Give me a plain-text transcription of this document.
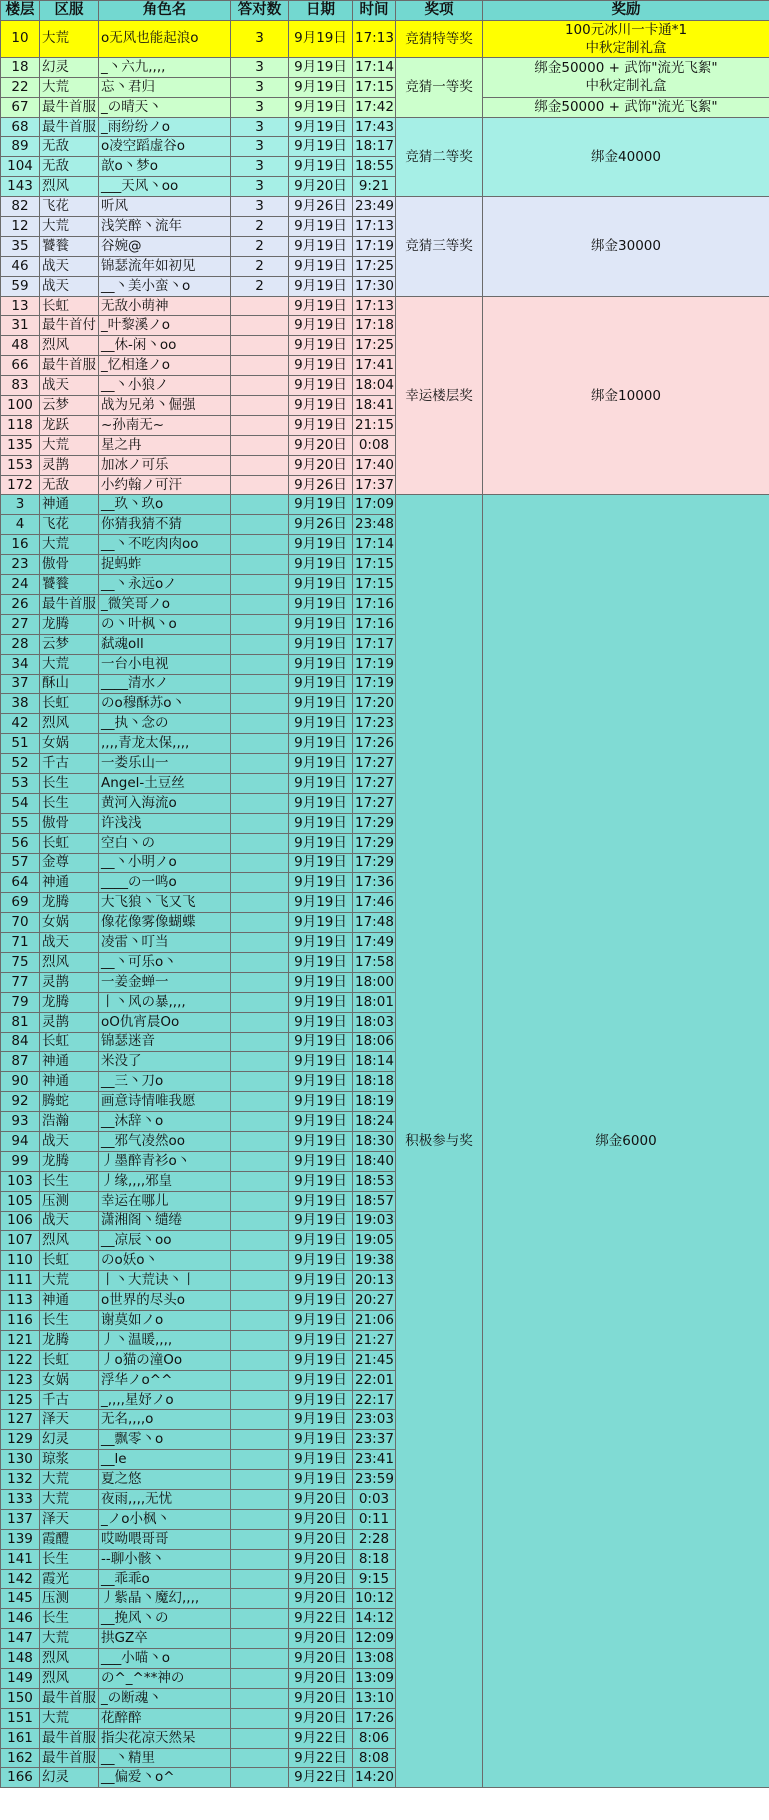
楼层	区服	角色名	答对数	日期	时间	奖项	奖励
10	大荒	o无风也能起浪o	3	9月19日	17:13	竞猜特等奖	100元冰川一卡通*1
中秋定制礼盒

18	幻灵	_丶六九,,,,	3	9月19日	17:14	竞猜一等奖	绑金50000 + 武饰"流光飞絮"
中秋定制礼盒

22	大荒	忘丶君归	3	9月19日	17:15		
67	最牛首服	_の晴天丶	3	9月19日	17:42		绑金50000 + 武饰"流光飞絮"
68	最牛首服	_雨纷纷ノo	3	9月19日	17:43	竞猜二等奖	绑金40000

89	无敌	o凌空蹈虚谷o	3	9月19日	18:17		
104	无敌	歆o丶梦o	3	9月19日	18:55		
143	烈风	___天风丶oo	3	9月20日	9:21		
82	飞花	听风	3	9月26日	23:49	竞猜三等奖	绑金30000

12	大荒	浅笑醉丶流年	2	9月19日	17:13		
35	饕餮	谷婉@	2	9月19日	17:19		
46	战天	锦瑟流年如初见	2	9月19日	17:25		
59	战天	__丶美小蛮丶o	2	9月19日	17:30		
13	长虹	无敌小萌神		9月19日	17:13	幸运楼层奖	绑金10000

31	最牛首付	_叶黎溪ノo		9月19日	17:18		
48	烈风	__休-闲丶oo		9月19日	17:25		
66	最牛首服	_忆相逢ノo		9月19日	17:41		
83	战天	__丶小狼ノ		9月19日	18:04		
100	云梦	战为兄弟丶倔强		9月19日	18:41		
118	龙跃	~孙南无~		9月19日	21:15		
135	大荒	星之冉		9月20日	0:08		
153	灵鹊	加冰ノ可乐		9月20日	17:40		
172	无敌	小约翰ノ可汗		9月26日	17:37		
3	神通	__玖丶玖o		9月19日	17:09	积极参与奖	绑金6000

4	飞花	你猜我猜不猜		9月26日	23:48		
16	大荒	__丶不吃肉肉oo		9月19日	17:14		
23	傲骨	捉蚂蚱		9月19日	17:15		
24	饕餮	__丶永远oノ		9月19日	17:15		
26	最牛首服	_微笑哥ノo		9月19日	17:16		
27	龙腾	の丶叶枫丶o		9月19日	17:16		
28	云梦	弑魂oll		9月19日	17:17		
34	大荒	一台小电视		9月19日	17:19		
37	酥山	____清水ノ		9月19日	17:19		
38	长虹	のo穆酥苏o丶		9月19日	17:20		
42	烈风	__执丶念の		9月19日	17:23		
51	女娲	,,,,青龙太保,,,,		9月19日	17:26		
52	千古	一娄乐山一		9月19日	17:27		
53	长生	Angel-土豆丝		9月19日	17:27		
54	长生	黄河入海流o		9月19日	17:27		
55	傲骨	许浅浅		9月19日	17:29		
56	长虹	空白丶の		9月19日	17:29		
57	金尊	__丶小明ノo		9月19日	17:29		
64	神通	____の一鸣o		9月19日	17:36		
69	龙腾	大飞狼丶飞又飞		9月19日	17:46		
70	女娲	像花像雾像蝴蝶		9月19日	17:48		
71	战天	凌雷丶叮当		9月19日	17:49		
75	烈风	__丶可乐o丶		9月19日	17:58		
77	灵鹊	一姜金蝉一		9月19日	18:00		
79	龙腾	丨丶风の暴,,,,		9月19日	18:01		
81	灵鹊	oO仇宵晨Oo		9月19日	18:03		
84	长虹	锦瑟迷音		9月19日	18:06		
87	神通	米没了		9月19日	18:14		
90	神通	__三丶刀o		9月19日	18:18		
92	腾蛇	画意诗情唯我愿		9月19日	18:19		
93	浩瀚	__沐辞丶o		9月19日	18:24		
94	战天	__邪气凌然oo		9月19日	18:30		
99	龙腾	丿墨醉青衫o丶		9月19日	18:40		
103	长生	丿缘,,,,邪皇		9月19日	18:53		
105	压测	幸运在哪儿		9月19日	18:57		
106	战天	潇湘阁丶缱绻		9月19日	19:03		
107	烈风	__凉辰丶oo		9月19日	19:05		
110	长虹	のo妖o丶		9月19日	19:38		
111	大荒	丨丶大荒诀丶丨		9月19日	20:13		
113	神通	o世界的尽头o		9月19日	20:27		
116	长生	谢莫如ノo		9月19日	21:06		
121	龙腾	丿丶温暖,,,,		9月19日	21:27		
122	长虹	丿o猫の潼Oo		9月19日	21:45		
123	女娲	浮华ノo^^		9月19日	22:01		
125	千古	_,,,,星妤ノo		9月19日	22:17		
127	泽天	无名,,,,o		9月19日	23:03		
129	幻灵	__飘零丶o		9月19日	23:37		
130	琼浆	__le		9月19日	23:41		
132	大荒	夏之悠		9月19日	23:59		
133	大荒	夜雨,,,,无忧		9月20日	0:03		
137	泽天	_ノo小枫丶		9月20日	0:11		
139	霞醴	哎呦喂哥哥		9月20日	2:28		
141	长生	--聊小骸丶		9月20日	8:18		
142	霞光	__乖乖o		9月20日	9:15		
145	压测	丿紫晶丶魔幻,,,,		9月20日	10:12		
146	长生	__挽风丶の		9月22日	14:12		
147	大荒	拱GZ卒		9月20日	12:09		
148	烈风	___小喵丶o		9月20日	13:08		
149	烈风	の^_^**神の		9月20日	13:09		
150	最牛首服	_の断魂丶		9月20日	13:10		
151	大荒	花醉醉		9月20日	17:26		
161	最牛首服	指尖花凉天然呆		9月22日	8:06		
162	最牛首服	__丶精里		9月22日	8:08		
166	幻灵	__偏爱丶o^		9月22日	14:20		
